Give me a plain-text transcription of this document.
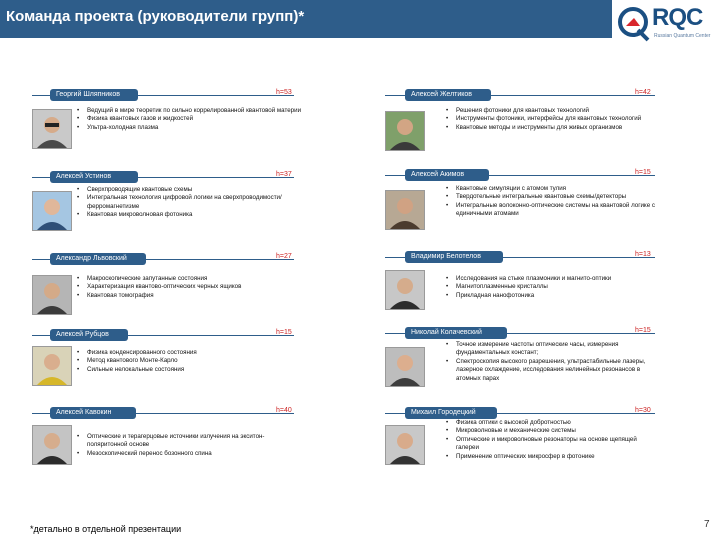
Команда проекта (руководители групп)*	RQC
Russian Quantum Center
Георгий Шляпников	h=53
• Ведущий в мире теоретик по сильно коррелированной квантовой материи
• Физика квантовых газов и жидкостей
• Ультра-холодная плазма
Алексей Устинов	h=37
• Сверхпроводящие квантовые схемы
• Интегральная технология цифровой логики на сверхпроводимости/ферромагнетизме
• Квантовая микроволновая фотоника
Александр Львовский	h=27
• Макроскопические запутанные состояния
• Характеризация квантово-оптических черных ящиков
• Квантовая томография
Алексей Рубцов	h=15
• Физика конденсированного состояния
• Метод квантового Монте-Карло
• Сильные нелокальные состояния
Алексей Кавокин	h=40
• Оптические и терагерцовые источники излучения на экситон-поляритонной основе
• Мезоскопический перенос бозонного спина
Алексей Желтиков	h=42
• Решения фотоники для квантовых технологий
• Инструменты фотоники, интерфейсы для квантовых технологий
• Квантовые методы и инструменты для живых организмов
Алексей Акимов	h=15
• Квантовые симуляции с атомом тулия
• Твердотельные интегральные квантовые схемы/детекторы
• Интегральные волоконно-оптические системы на квантовой логике с единичными атомами
Владимир Белотелов	h=13
• Исследования на стыке плазмоники и магнито-оптики
• Магнитоплазменные кристаллы
• Прикладная нанофотоника
Николай Колачевский	h=15
• Точное измерение частоты оптические часы, измерения фундаментальных констант;
• Спектроскопия высокого разрешения, ультрастабильные лазеры, лазерное охлаждение, исследования нелинейных резонансов в атомных парах
Михаил Городецкий	h=30
• Физика оптики с высокой добротностью
• Микроволновые и механические системы
• Оптические и микроволновые резонаторы на основе щепящей галереи
• Применение оптических микросфер в фотонике
*детально в отдельной презентации	7
